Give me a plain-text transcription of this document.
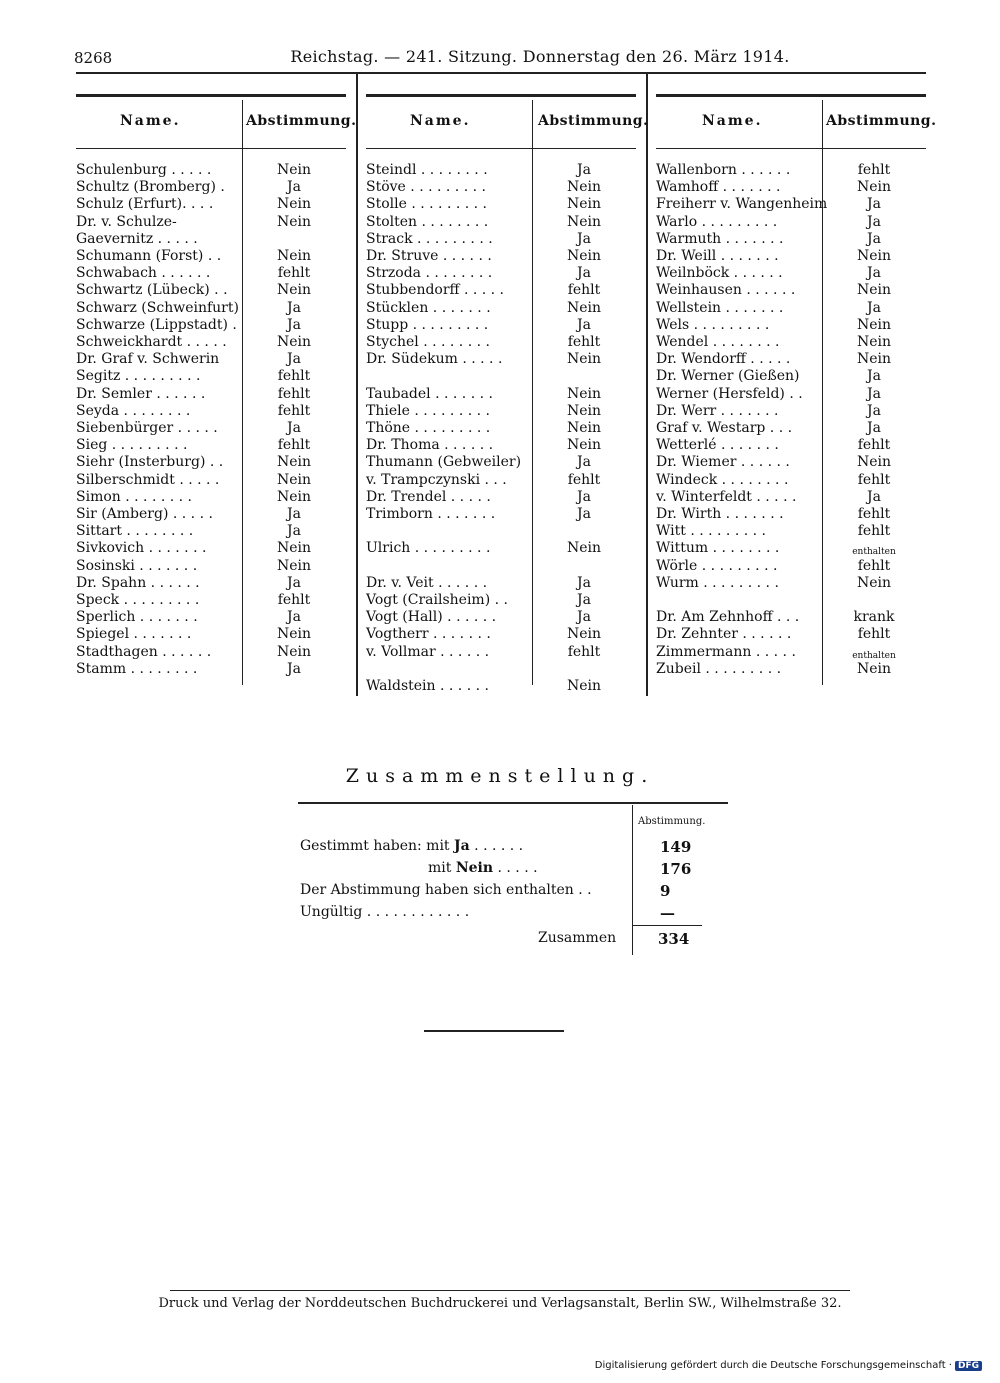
8268	Reichstag. — 241. Sitzung. Donnerstag den 26. März 1914.
Name.	Abstimmung.	Name.	Abstimmung.	Name.	Abstimmung.
Schulenburg . . . . .	Nein
Schultz (Bromberg) .	Ja
Schulz (Erfurt). . . .	Nein
Dr. v. Schulze-	Nein
Gaevernitz . . . . .
Schumann (Forst) . .	Nein
Schwabach . . . . . .	fehlt
Schwartz (Lübeck) . .	Nein
Schwarz (Schweinfurt)	Ja
Schwarze (Lippstadt) .	Ja
Schweickhardt . . . . .	Nein
Dr. Graf v. Schwerin	Ja
Segitz . . . . . . . . .	fehlt
Dr. Semler . . . . . .	fehlt
Seyda . . . . . . . .	fehlt
Siebenbürger . . . . .	Ja
Sieg . . . . . . . . .	fehlt
Siehr (Insterburg) . .	Nein
Silberschmidt . . . . .	Nein
Simon . . . . . . . .	Nein
Sir (Amberg) . . . . .	Ja
Sittart . . . . . . . .	Ja
Sivkovich . . . . . . .	Nein
Sosinski . . . . . . .	Nein
Dr. Spahn . . . . . .	Ja
Speck . . . . . . . . .	fehlt
Sperlich . . . . . . .	Ja
Spiegel . . . . . . .	Nein
Stadthagen . . . . . .	Nein
Stamm . . . . . . . .	Ja
Steindl . . . . . . . .	Ja
Stöve . . . . . . . . .	Nein
Stolle . . . . . . . . .	Nein
Stolten . . . . . . . .	Nein
Strack . . . . . . . . .	Ja
Dr. Struve . . . . . .	Nein
Strzoda . . . . . . . .	Ja
Stubbendorff . . . . .	fehlt
Stücklen . . . . . . .	Nein
Stupp . . . . . . . . .	Ja
Stychel . . . . . . . .	fehlt
Dr. Südekum . . . . .	Nein
Taubadel . . . . . . .	Nein
Thiele . . . . . . . . .	Nein
Thöne . . . . . . . . .	Nein
Dr. Thoma . . . . . .	Nein
Thumann (Gebweiler)	Ja
v. Trampczynski . . .	fehlt
Dr. Trendel . . . . .	Ja
Trimborn . . . . . . .	Ja
Ulrich . . . . . . . . .	Nein
Dr. v. Veit . . . . . .	Ja
Vogt (Crailsheim) . .	Ja
Vogt (Hall) . . . . . .	Ja
Vogtherr . . . . . . .	Nein
v. Vollmar . . . . . .	fehlt
Waldstein . . . . . .	Nein
Wallenborn . . . . . .	fehlt
Wamhoff . . . . . . .	Nein
Freiherr v. Wangenheim	Ja
Warlo . . . . . . . . .	Ja
Warmuth . . . . . . .	Ja
Dr. Weill . . . . . . .	Nein
Weilnböck . . . . . .	Ja
Weinhausen . . . . . .	Nein
Wellstein . . . . . . .	Ja
Wels . . . . . . . . .	Nein
Wendel . . . . . . . .	Nein
Dr. Wendorff . . . . .	Nein
Dr. Werner (Gießen)	Ja
Werner (Hersfeld) . .	Ja
Dr. Werr . . . . . . .	Ja
Graf v. Westarp . . .	Ja
Wetterlé . . . . . . .	fehlt
Dr. Wiemer . . . . . .	Nein
Windeck . . . . . . . .	fehlt
v. Winterfeldt . . . . .	Ja
Dr. Wirth . . . . . . .	fehlt
Witt . . . . . . . . .	fehlt
Wittum . . . . . . . .	enthalten
Wörle . . . . . . . . .	fehlt
Wurm . . . . . . . . .	Nein
Dr. Am Zehnhoff . . .	krank
Dr. Zehnter . . . . . .	fehlt
Zimmermann . . . . .	enthalten
Zubeil . . . . . . . . .	Nein
Zusammenstellung.
Abstimmung.
Gestimmt haben: mit Ja . . . . . .	149
mit Nein . . . . .	176
Der Abstimmung haben sich enthalten . .	9
Ungültig . . . . . . . . . . . .	—
Zusammen	334
Druck und Verlag der Norddeutschen Buchdruckerei und Verlagsanstalt, Berlin SW., Wilhelmstraße 32.
Digitalisierung gefördert durch die Deutsche Forschungsgemeinschaft · DFG
